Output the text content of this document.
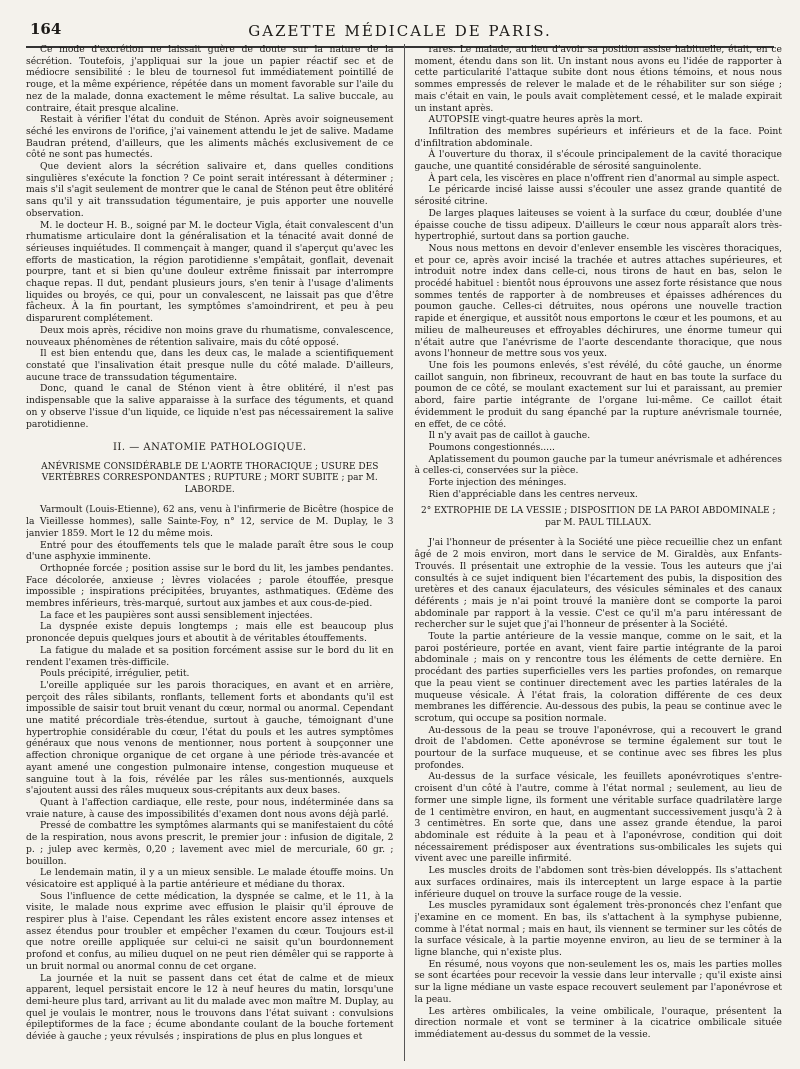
164	GAZETTE MÉDICALE DE PARIS.

Ce mode d'excrétion ne laissait guère de doute sur la nature de la sécrétion. Toutefois, j'appliquai sur la joue un papier réactif sec et de médiocre sensibilité : le bleu de tournesol fut immédiatement pointillé de rouge, et la même expérience, répétée dans un moment favorable sur l'aile du nez de la malade, donna exactement le même résultat. La salive buccale, au contraire, était presque alcaline.

Restait à vérifier l'état du conduit de Sténon. Après avoir soigneusement séché les environs de l'orifice, j'ai vainement attendu le jet de salive. Madame Baudran prétend, d'ailleurs, que les aliments mâchés exclusivement de ce côté ne sont pas humectés.

Que devient alors la sécrétion salivaire et, dans quelles conditions singulières s'exécute la fonction ? Ce point serait intéressant à déterminer ; mais s'il s'agit seulement de montrer que le canal de Sténon peut être oblitéré sans qu'il y ait transsudation tégumentaire, je puis apporter une nouvelle observation.

M. le docteur H. B., soigné par M. le docteur Vigla, était convalescent d'un rhumatisme articulaire dont la généralisation et la ténacité avait donné de sérieuses inquiétudes. Il commençait à manger, quand il s'aperçut qu'avec les efforts de mastication, la région parotidienne s'empâtait, gonflait, devenait pourpre, tant et si bien qu'une douleur extrême finissait par interrompre chaque repas. Il dut, pendant plusieurs jours, s'en tenir à l'usage d'aliments liquides ou broyés, ce qui, pour un convalescent, ne laissait pas que d'être fâcheux. À la fin pourtant, les symptômes s'amoindrirent, et peu à peu disparurent complétement.

Deux mois après, récidive non moins grave du rhumatisme, convalescence, nouveaux phénomènes de rétention salivaire, mais du côté opposé.

Il est bien entendu que, dans les deux cas, le malade a scientifiquement constaté que l'insalivation était presque nulle du côté malade. D'ailleurs, aucune trace de transsudation tégumentaire.

Donc, quand le canal de Sténon vient à être oblitéré, il n'est pas indispensable que la salive apparaisse à la surface des téguments, et quand on y observe l'issue d'un liquide, ce liquide n'est pas nécessairement la salive parotidienne.

II. — ANATOMIE PATHOLOGIQUE.
ANÉVRISME CONSIDÉRABLE DE L'AORTE THORACIQUE ; USURE DES VERTÈBRES CORRESPONDANTES ; RUPTURE ; MORT SUBITE ; par M. LABORDE.

Varmoult (Louis-Etienne), 62 ans, venu à l'infirmerie de Bicêtre (hospice de la Vieillesse hommes), salle Sainte-Foy, n° 12, service de M. Duplay, le 3 janvier 1859. Mort le 12 du même mois.

Entré pour des étouffements tels que le malade paraît être sous le coup d'une asphyxie imminente.

Orthopnée forcée ; position assise sur le bord du lit, les jambes pendantes. Face décolorée, anxieuse ; lèvres violacées ; parole étouffée, presque impossible ; inspirations précipitées, bruyantes, asthmatiques. Œdème des membres inférieurs, très-marqué, surtout aux jambes et aux cous-de-pied.

La face et les paupières sont aussi sensiblement injectées.

La dyspnée existe depuis longtemps ; mais elle est beaucoup plus prononcée depuis quelques jours et aboutit à de véritables étouffements.

La fatigue du malade et sa position forcément assise sur le bord du lit en rendent l'examen très-difficile.

Pouls précipité, irrégulier, petit.

L'oreille appliquée sur les parois thoraciques, en avant et en arrière, perçoit des râles sibilants, ronflants, tellement forts et abondants qu'il est impossible de saisir tout bruit venant du cœur, normal ou anormal. Cependant une matité précordiale très-étendue, surtout à gauche, témoignant d'une hypertrophie considérable du cœur, l'état du pouls et les autres symptômes généraux que nous venons de mentionner, nous portent à soupçonner une affection chronique organique de cet organe à une période très-avancée et ayant amené une congestion pulmonaire intense, congestion muqueuse et sanguine tout à la fois, révélée par les râles sus-mentionnés, auxquels s'ajoutent aussi des râles muqueux sous-crépitants aux deux bases.

Quant à l'affection cardiaque, elle reste, pour nous, indéterminée dans sa vraie nature, à cause des impossibilités d'examen dont nous avons déjà parlé.

Pressé de combattre les symptômes alarmants qui se manifestaient du côté de la respiration, nous avons prescrit, le premier jour : infusion de digitale, 2 p. ; julep avec kermès, 0,20 ; lavement avec miel de mercuriale, 60 gr. ; bouillon.

Le lendemain matin, il y a un mieux sensible. Le malade étouffe moins. Un vésicatoire est appliqué à la partie antérieure et médiane du thorax.

Sous l'influence de cette médication, la dyspnée se calme, et le 11, à la visite, le malade nous exprime avec effusion le plaisir qu'il éprouve de respirer plus à l'aise. Cependant les râles existent encore assez intenses et assez étendus pour troubler et empêcher l'examen du cœur. Toujours est-il que notre oreille appliquée sur celui-ci ne saisit qu'un bourdonnement profond et confus, au milieu duquel on ne peut rien démêler qui se rapporte à un bruit normal ou anormal connu de cet organe.

La journée et la nuit se passent dans cet état de calme et de mieux apparent, lequel persistait encore le 12 à neuf heures du matin, lorsqu'une demi-heure plus tard, arrivant au lit du malade avec mon maître M. Duplay, au quel je voulais le montrer, nous le trouvons dans l'état suivant : convulsions épileptiformes de la face ; écume abondante coulant de la bouche fortement déviée à gauche ; yeux révulsés ; inspirations de plus en plus longues et

rares. Le malade, au lieu d'avoir sa position assise habituelle, était, en ce moment, étendu dans son lit. Un instant nous avons eu l'idée de rapporter à cette particularité l'attaque subite dont nous étions témoins, et nous nous sommes empressés de relever le malade et de le réhabiliter sur son siége ; mais c'était en vain, le pouls avait complètement cessé, et le malade expirait un instant après.

AUTOPSIE vingt-quatre heures après la mort.

Infiltration des membres supérieurs et inférieurs et de la face. Point d'infiltration abdominale.

À l'ouverture du thorax, il s'écoule principalement de la cavité thoracique gauche, une quantité considérable de sérosité sanguinolente.

À part cela, les viscères en place n'offrent rien d'anormal au simple aspect.

Le péricarde incisé laisse aussi s'écouler une assez grande quantité de sérosité citrine.

De larges plaques laiteuses se voient à la surface du cœur, doublée d'une épaisse couche de tissu adipeux. D'ailleurs le cœur nous apparaît alors très-hypertrophié, surtout dans sa portion gauche.

Nous nous mettons en devoir d'enlever ensemble les viscères thoraciques, et pour ce, après avoir incisé la trachée et autres attaches supérieures, et introduit notre index dans celle-ci, nous tirons de haut en bas, selon le procédé habituel : bientôt nous éprouvons une assez forte résistance que nous sommes tentés de rapporter à de nombreuses et épaisses adhérences du poumon gauche. Celles-ci détruites, nous opérons une nouvelle traction rapide et énergique, et aussitôt nous emportons le cœur et les poumons, et au milieu de malheureuses et effroyables déchirures, une énorme tumeur qui n'était autre que l'anévrisme de l'aorte descendante thoracique, que nous avons l'honneur de mettre sous vos yeux.

Une fois les poumons enlevés, s'est révélé, du côté gauche, un énorme caillot sanguin, non fibrineux, recouvrant de haut en bas toute la surface du poumon de ce côté, se moulant exactement sur lui et paraissant, au premier abord, faire partie intégrante de l'organe lui-même. Ce caillot était évidemment le produit du sang épanché par la rupture anévrismale tournée, en effet, de ce côté.

Il n'y avait pas de caillot à gauche.

Poumons congestionnés.....

Aplatissement du poumon gauche par la tumeur anévrismale et adhérences à celles-ci, conservées sur la pièce.

Forte injection des méninges.

Rien d'appréciable dans les centres nerveux.

2° EXTROPHIE DE LA VESSIE ; DISPOSITION DE LA PAROI ABDOMINALE ; par M. PAUL TILLAUX.

J'ai l'honneur de présenter à la Société une pièce recueillie chez un enfant âgé de 2 mois environ, mort dans le service de M. Giraldès, aux Enfants-Trouvés. Il présentait une extrophie de la vessie. Tous les auteurs que j'ai consultés à ce sujet indiquent bien l'écartement des pubis, la disposition des uretères et des canaux éjaculateurs, des vésicules séminales et des canaux déférents ; mais je n'ai point trouvé la manière dont se comporte la paroi abdominale par rapport à la vessie. C'est ce qu'il m'a paru intéressant de rechercher sur le sujet que j'ai l'honneur de présenter à la Société.

Toute la partie antérieure de la vessie manque, comme on le sait, et la paroi postérieure, portée en avant, vient faire partie intégrante de la paroi abdominale ; mais on y rencontre tous les éléments de cette dernière. En procédant des parties superficielles vers les parties profondes, on remarque que la peau vient se continuer directement avec les parties latérales de la muqueuse vésicale. À l'état frais, la coloration différente de ces deux membranes les différencie. Au-dessous des pubis, la peau se continue avec le scrotum, qui occupe sa position normale.

Au-dessous de la peau se trouve l'aponévrose, qui a recouvert le grand droit de l'abdomen. Cette aponévrose se termine également sur tout le pourtour de la surface muqueuse, et se continue avec ses fibres les plus profondes.

Au-dessus de la surface vésicale, les feuillets aponévrotiques s'entre-croisent d'un côté à l'autre, comme à l'état normal ; seulement, au lieu de former une simple ligne, ils forment une véritable surface quadrilatère large de 1 centimètre environ, en haut, en augmentant successivement jusqu'à 2 à 3 centimètres. En sorte que, dans une assez grande étendue, la paroi abdominale est réduite à la peau et à l'aponévrose, condition qui doit nécessairement prédisposer aux éventrations sus-ombilicales les sujets qui vivent avec une pareille infirmité.

Les muscles droits de l'abdomen sont très-bien développés. Ils s'attachent aux surfaces ordinaires, mais ils interceptent un large espace à la partie inférieure duquel on trouve la surface rouge de la vessie.

Les muscles pyramidaux sont également très-prononcés chez l'enfant que j'examine en ce moment. En bas, ils s'attachent à la symphyse pubienne, comme à l'état normal ; mais en haut, ils viennent se terminer sur les côtés de la surface vésicale, à la partie moyenne environ, au lieu de se terminer à la ligne blanche, qui n'existe plus.

En résumé, nous voyons que non-seulement les os, mais les parties molles se sont écartées pour recevoir la vessie dans leur intervalle ; qu'il existe ainsi sur la ligne médiane un vaste espace recouvert seulement par l'aponévrose et la peau.

Les artères ombilicales, la veine ombilicale, l'ouraque, présentent la direction normale et vont se terminer à la cicatrice ombilicale située immédiatement au-dessus du sommet de la vessie.
